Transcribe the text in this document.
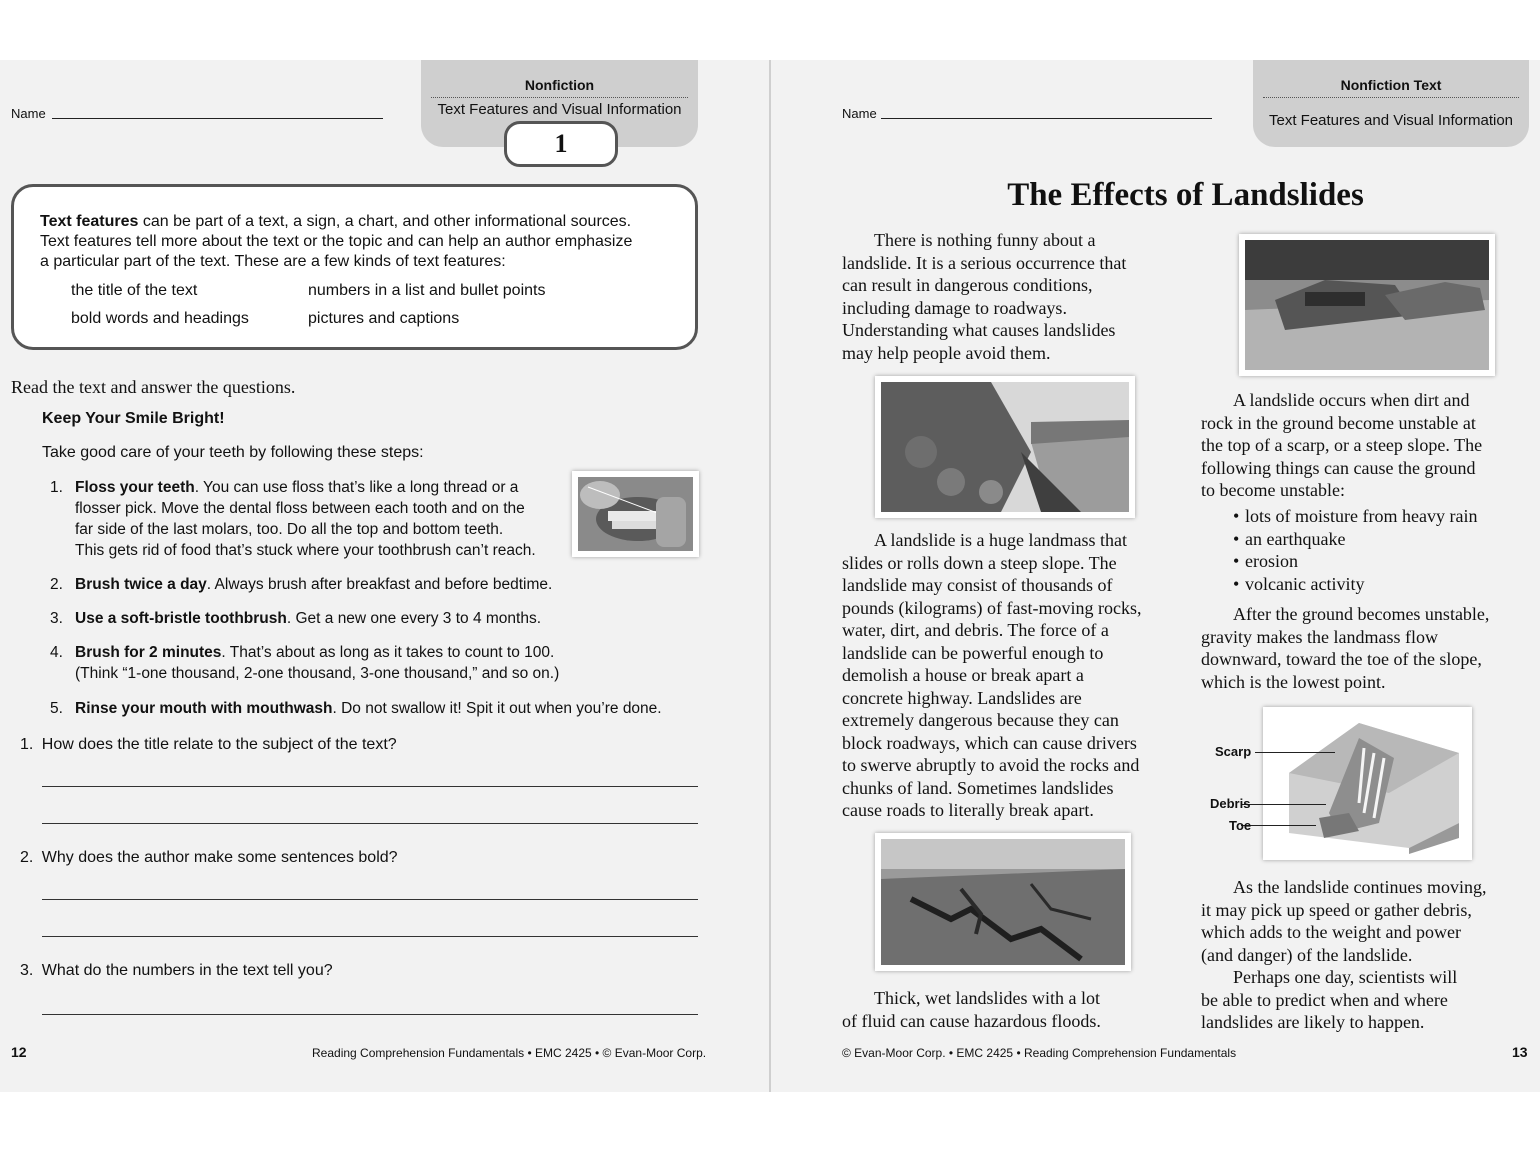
Name
Nonfiction
Text Features and Visual Information
1
Text features can be part of a text, a sign, a chart, and other informational sources.
Text features tell more about the text or the topic and can help an author emphasize
a particular part of the text. These are a few kinds of text features:
the title of the text	numbers in a list and bullet points
bold words and headings	pictures and captions
Read the text and answer the questions.
Keep Your Smile Bright!
Take good care of your teeth by following these steps:
1. Floss your teeth. You can use floss that’s like a long thread or a
flosser pick. Move the dental floss between each tooth and on the
far side of the last molars, too. Do all the top and bottom teeth.
This gets rid of food that’s stuck where your toothbrush can’t reach.
2. Brush twice a day. Always brush after breakfast and before bedtime.
3. Use a soft-bristle toothbrush. Get a new one every 3 to 4 months.
4. Brush for 2 minutes. That’s about as long as it takes to count to 100.
(Think “1-one thousand, 2-one thousand, 3-one thousand,” and so on.)
5. Rinse your mouth with mouthwash. Do not swallow it! Spit it out when you’re done.
1. How does the title relate to the subject of the text?
2. Why does the author make some sentences bold?
3. What do the numbers in the text tell you?
12	Reading Comprehension Fundamentals • EMC 2425 • © Evan-Moor Corp.
Name
Nonfiction Text
Text Features and Visual Information
The Effects of Landslides
There is nothing funny about a
landslide. It is a serious occurrence that
can result in dangerous conditions,
including damage to roadways.
Understanding what causes landslides
may help people avoid them.
A landslide is a huge landmass that
slides or rolls down a steep slope. The
landslide may consist of thousands of
pounds (kilograms) of fast-moving rocks,
water, dirt, and debris. The force of a
landslide can be powerful enough to
demolish a house or break apart a
concrete highway. Landslides are
extremely dangerous because they can
block roadways, which can cause drivers
to swerve abruptly to avoid the rocks and
chunks of land. Sometimes landslides
cause roads to literally break apart.
Thick, wet landslides with a lot
of fluid can cause hazardous floods.
A landslide occurs when dirt and
rock in the ground become unstable at
the top of a scarp, or a steep slope. The
following things can cause the ground
to become unstable:
• lots of moisture from heavy rain
• an earthquake
• erosion
• volcanic activity
After the ground becomes unstable,
gravity makes the landmass flow
downward, toward the toe of the slope,
which is the lowest point.
Scarp
Debris
Toe
As the landslide continues moving,
it may pick up speed or gather debris,
which adds to the weight and power
(and danger) of the landslide.
Perhaps one day, scientists will
be able to predict when and where
landslides are likely to happen.
© Evan-Moor Corp. • EMC 2425 • Reading Comprehension Fundamentals	13
